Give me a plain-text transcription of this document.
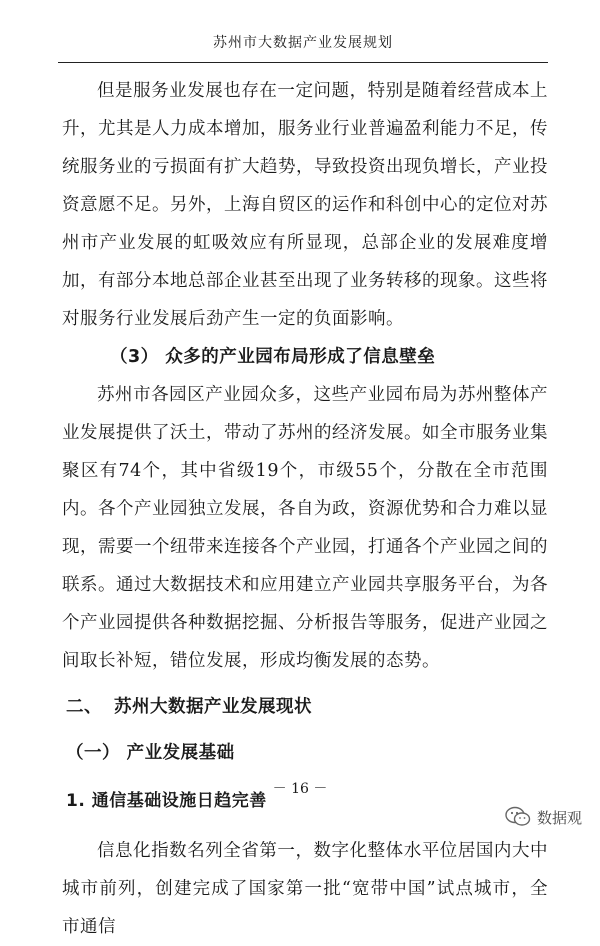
苏州市大数据产业发展规划

但是服务业发展也存在一定问题，特别是随着经营成本上升，尤其是人力成本增加，服务业行业普遍盈利能力不足，传统服务业的亏损面有扩大趋势，导致投资出现负增长，产业投资意愿不足。另外，上海自贸区的运作和科创中心的定位对苏州市产业发展的虹吸效应有所显现，总部企业的发展难度增加，有部分本地总部企业甚至出现了业务转移的现象。这些将对服务行业发展后劲产生一定的负面影响。

（3） 众多的产业园布局形成了信息壁垒

苏州市各园区产业园众多，这些产业园布局为苏州整体产业发展提供了沃土，带动了苏州的经济发展。如全市服务业集聚区有74个，其中省级19个，市级55个，分散在全市范围内。各个产业园独立发展，各自为政，资源优势和合力难以显现，需要一个纽带来连接各个产业园，打通各个产业园之间的联系。通过大数据技术和应用建立产业园共享服务平台，为各个产业园提供各种数据挖掘、分析报告等服务，促进产业园之间取长补短，错位发展，形成均衡发展的态势。

二、 苏州大数据产业发展现状
（一） 产业发展基础
1. 通信基础设施日趋完善

信息化指数名列全省第一，数字化整体水平位居国内大中城市前列，创建完成了国家第一批“宽带中国”试点城市，全市通信

－ 16 －
数据观
